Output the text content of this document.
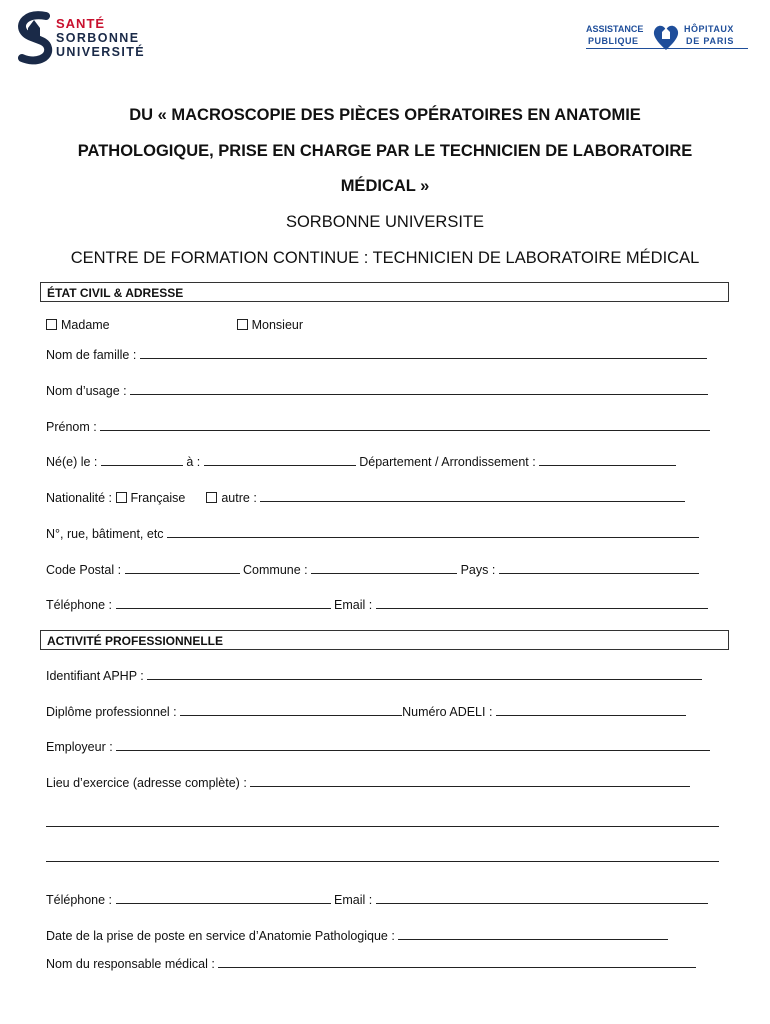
SANTÉ
SORBONNE
UNIVERSITÉ
ASSISTANCE
PUBLIQUE
HÔPITAUX
DE PARIS
DU « MACROSCOPIE DES PIÈCES OPÉRATOIRES EN ANATOMIE
PATHOLOGIQUE, PRISE EN CHARGE PAR LE TECHNICIEN DE LABORATOIRE
MÉDICAL »
SORBONNE UNIVERSITE
CENTRE DE FORMATION CONTINUE : TECHNICIEN DE LABORATOIRE MÉDICAL
ÉTAT CIVIL & ADRESSE
Madame	Monsieur
Nom de famille :
Nom d’usage :
Prénom :
Né(e) le :	à :	Département / Arrondissement :
Nationalité : Française	autre :
N°, rue, bâtiment, etc
Code Postal :	Commune :	Pays :
Téléphone :	Email :
ACTIVITÉ PROFESSIONNELLE
Identifiant APHP :
Diplôme professionnel :	Numéro ADELI :
Employeur :
Lieu d’exercice (adresse complète) :
Téléphone :	Email :
Date de la prise de poste en service d’Anatomie Pathologique :
Nom du responsable médical :
